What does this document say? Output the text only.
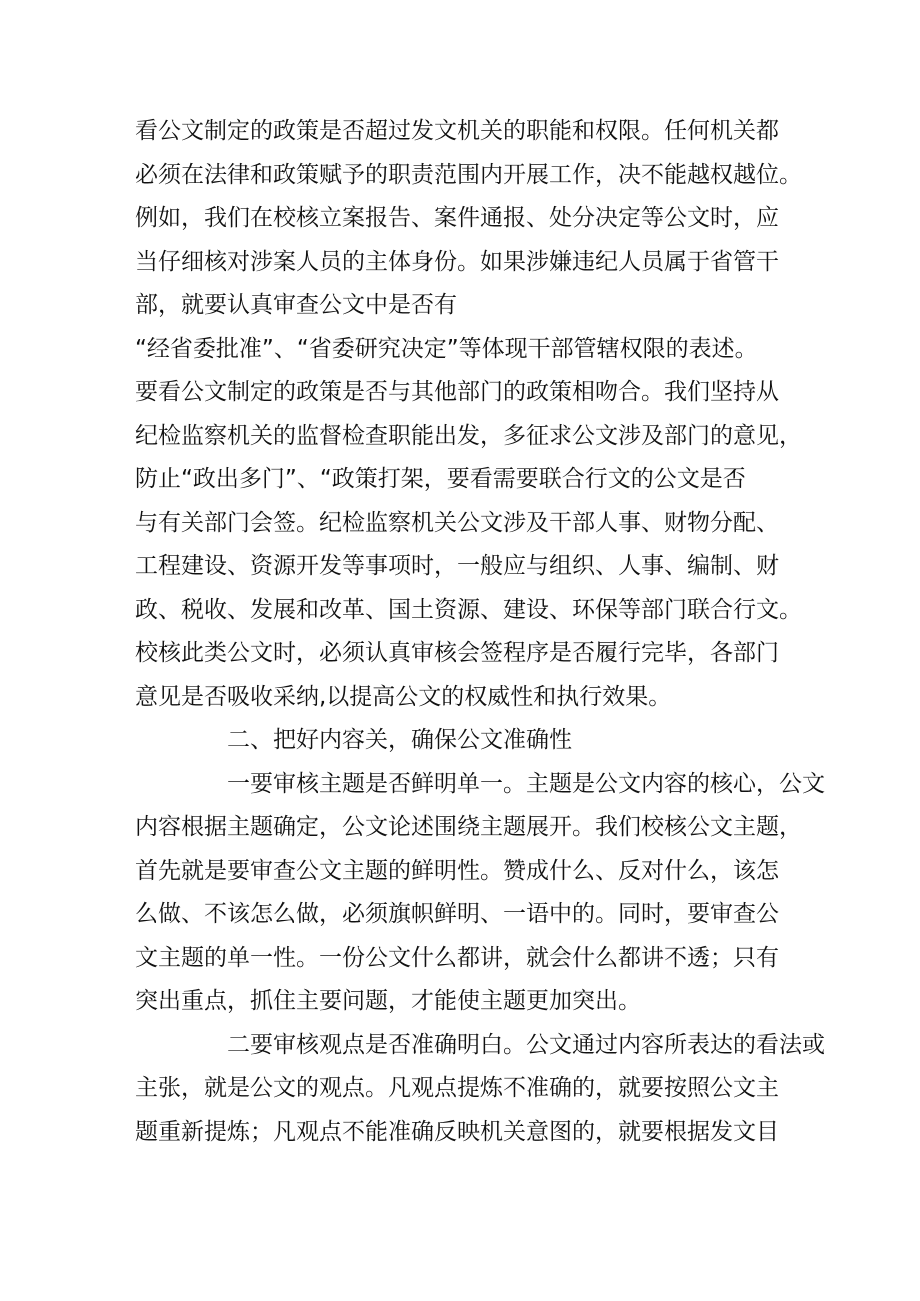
看公文制定的政策是否超过发文机关的职能和权限。任何机关都
必须在法律和政策赋予的职责范围内开展工作，决不能越权越位。
例如，我们在校核立案报告、案件通报、处分决定等公文时，应
当仔细核对涉案人员的主体身份。如果涉嫌违纪人员属于省管干
部，就要认真审查公文中是否有
“经省委批准”、“省委研究决定”等体现干部管辖权限的表述。
要看公文制定的政策是否与其他部门的政策相吻合。我们坚持从
纪检监察机关的监督检查职能出发，多征求公文涉及部门的意见，
防止“政出多门”、“政策打架，要看需要联合行文的公文是否
与有关部门会签。纪检监察机关公文涉及干部人事、财物分配、
工程建设、资源开发等事项时，一般应与组织、人事、编制、财
政、税收、发展和改革、国土资源、建设、环保等部门联合行文。
校核此类公文时，必须认真审核会签程序是否履行完毕，各部门
意见是否吸收采纳,以提高公文的权威性和执行效果。
二、把好内容关，确保公文准确性
一要审核主题是否鲜明单一。主题是公文内容的核心，公文
内容根据主题确定，公文论述围绕主题展开。我们校核公文主题，
首先就是要审查公文主题的鲜明性。赞成什么、反对什么，该怎
么做、不该怎么做，必须旗帜鲜明、一语中的。同时，要审查公
文主题的单一性。一份公文什么都讲，就会什么都讲不透；只有
突出重点，抓住主要问题，才能使主题更加突出。
二要审核观点是否准确明白。公文通过内容所表达的看法或
主张，就是公文的观点。凡观点提炼不准确的，就要按照公文主
题重新提炼；凡观点不能准确反映机关意图的，就要根据发文目
